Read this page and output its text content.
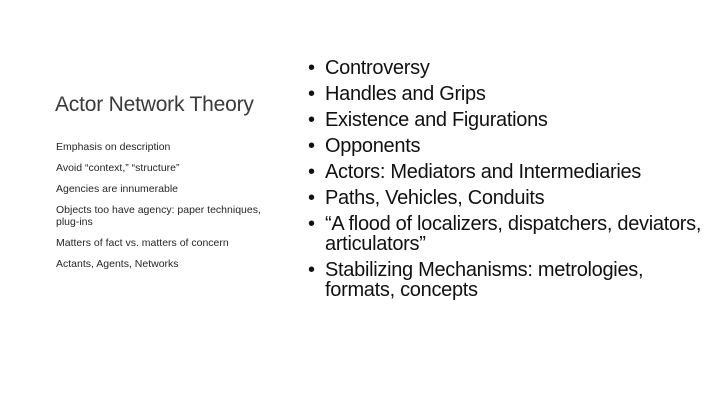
Actor Network Theory
Emphasis on description
Avoid “context,” “structure”
Agencies are innumerable
Objects too have agency: paper techniques, plug-ins
Matters of fact vs. matters of concern
Actants, Agents, Networks
• Controversy
• Handles and Grips
• Existence and Figurations
• Opponents
• Actors: Mediators and Intermediaries
• Paths, Vehicles, Conduits
• “A flood of localizers, dispatchers, deviators, articulators”
• Stabilizing Mechanisms: metrologies, formats, concepts
